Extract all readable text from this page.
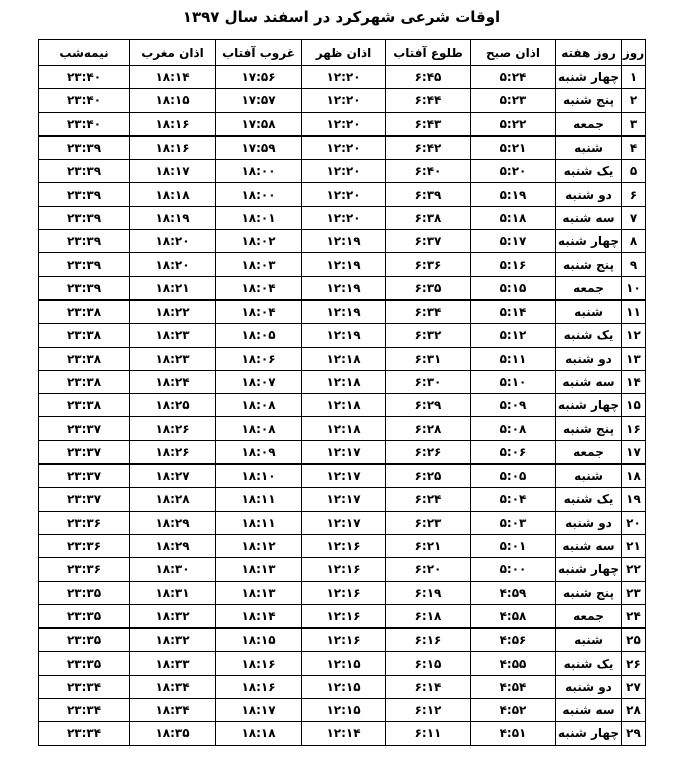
اوقات شرعی شهرکرد در اسفند سال ۱۳۹۷
روز	روز هفته	اذان صبح	طلوع آفتاب	اذان ظهر	غروب آفتاب	اذان مغرب	نیمه‌شب
۱	چهار شنبه	۵:۲۴	۶:۴۵	۱۲:۲۰	۱۷:۵۶	۱۸:۱۴	۲۳:۴۰
۲	پنج شنبه	۵:۲۳	۶:۴۴	۱۲:۲۰	۱۷:۵۷	۱۸:۱۵	۲۳:۴۰
۳	جمعه	۵:۲۲	۶:۴۳	۱۲:۲۰	۱۷:۵۸	۱۸:۱۶	۲۳:۴۰
۴	شنبه	۵:۲۱	۶:۴۲	۱۲:۲۰	۱۷:۵۹	۱۸:۱۶	۲۳:۳۹
۵	یک شنبه	۵:۲۰	۶:۴۰	۱۲:۲۰	۱۸:۰۰	۱۸:۱۷	۲۳:۳۹
۶	دو شنبه	۵:۱۹	۶:۳۹	۱۲:۲۰	۱۸:۰۰	۱۸:۱۸	۲۳:۳۹
۷	سه شنبه	۵:۱۸	۶:۳۸	۱۲:۲۰	۱۸:۰۱	۱۸:۱۹	۲۳:۳۹
۸	چهار شنبه	۵:۱۷	۶:۳۷	۱۲:۱۹	۱۸:۰۲	۱۸:۲۰	۲۳:۳۹
۹	پنج شنبه	۵:۱۶	۶:۳۶	۱۲:۱۹	۱۸:۰۳	۱۸:۲۰	۲۳:۳۹
۱۰	جمعه	۵:۱۵	۶:۳۵	۱۲:۱۹	۱۸:۰۴	۱۸:۲۱	۲۳:۳۹
۱۱	شنبه	۵:۱۴	۶:۳۴	۱۲:۱۹	۱۸:۰۴	۱۸:۲۲	۲۳:۳۸
۱۲	یک شنبه	۵:۱۲	۶:۳۲	۱۲:۱۹	۱۸:۰۵	۱۸:۲۳	۲۳:۳۸
۱۳	دو شنبه	۵:۱۱	۶:۳۱	۱۲:۱۸	۱۸:۰۶	۱۸:۲۳	۲۳:۳۸
۱۴	سه شنبه	۵:۱۰	۶:۳۰	۱۲:۱۸	۱۸:۰۷	۱۸:۲۴	۲۳:۳۸
۱۵	چهار شنبه	۵:۰۹	۶:۲۹	۱۲:۱۸	۱۸:۰۸	۱۸:۲۵	۲۳:۳۸
۱۶	پنج شنبه	۵:۰۸	۶:۲۸	۱۲:۱۸	۱۸:۰۸	۱۸:۲۶	۲۳:۳۷
۱۷	جمعه	۵:۰۶	۶:۲۶	۱۲:۱۷	۱۸:۰۹	۱۸:۲۶	۲۳:۳۷
۱۸	شنبه	۵:۰۵	۶:۲۵	۱۲:۱۷	۱۸:۱۰	۱۸:۲۷	۲۳:۳۷
۱۹	یک شنبه	۵:۰۴	۶:۲۴	۱۲:۱۷	۱۸:۱۱	۱۸:۲۸	۲۳:۳۷
۲۰	دو شنبه	۵:۰۳	۶:۲۳	۱۲:۱۷	۱۸:۱۱	۱۸:۲۹	۲۳:۳۶
۲۱	سه شنبه	۵:۰۱	۶:۲۱	۱۲:۱۶	۱۸:۱۲	۱۸:۲۹	۲۳:۳۶
۲۲	چهار شنبه	۵:۰۰	۶:۲۰	۱۲:۱۶	۱۸:۱۳	۱۸:۳۰	۲۳:۳۶
۲۳	پنج شنبه	۴:۵۹	۶:۱۹	۱۲:۱۶	۱۸:۱۳	۱۸:۳۱	۲۳:۳۵
۲۴	جمعه	۴:۵۸	۶:۱۸	۱۲:۱۶	۱۸:۱۴	۱۸:۳۲	۲۳:۳۵
۲۵	شنبه	۴:۵۶	۶:۱۶	۱۲:۱۶	۱۸:۱۵	۱۸:۳۲	۲۳:۳۵
۲۶	یک شنبه	۴:۵۵	۶:۱۵	۱۲:۱۵	۱۸:۱۶	۱۸:۳۳	۲۳:۳۵
۲۷	دو شنبه	۴:۵۴	۶:۱۴	۱۲:۱۵	۱۸:۱۶	۱۸:۳۴	۲۳:۳۴
۲۸	سه شنبه	۴:۵۲	۶:۱۲	۱۲:۱۵	۱۸:۱۷	۱۸:۳۴	۲۳:۳۴
۲۹	چهار شنبه	۴:۵۱	۶:۱۱	۱۲:۱۴	۱۸:۱۸	۱۸:۳۵	۲۳:۳۴
